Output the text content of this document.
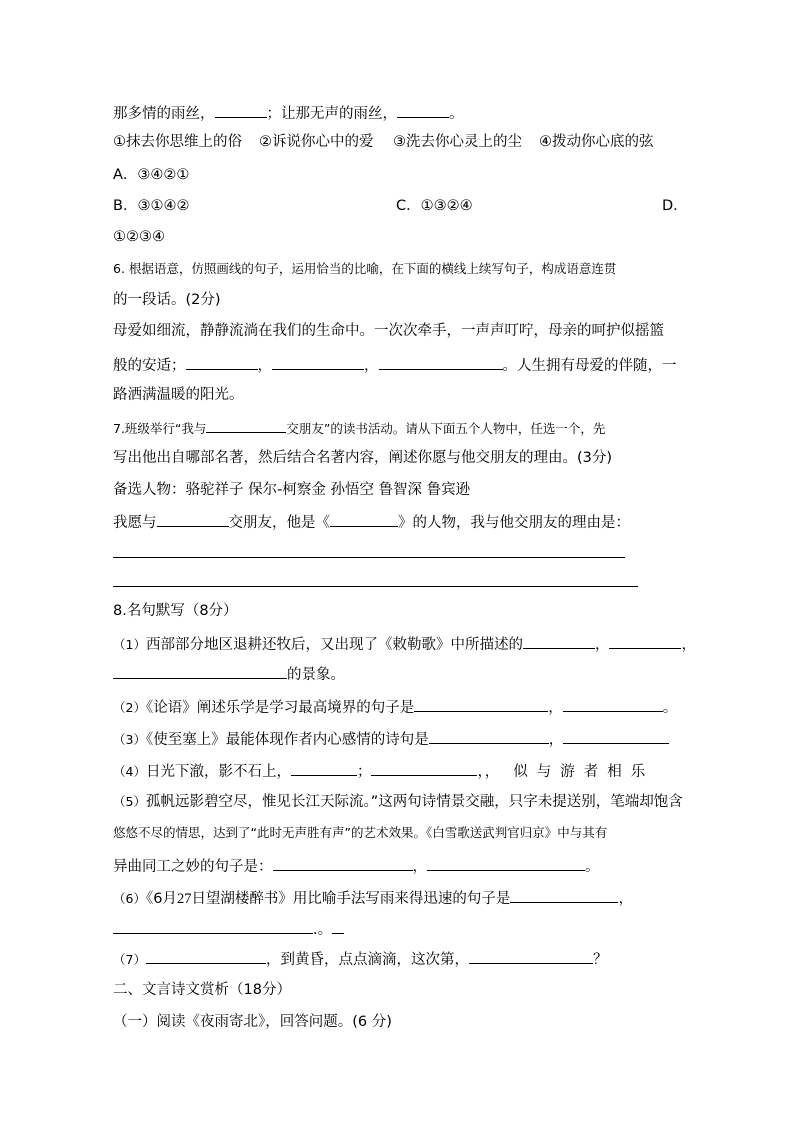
那多情的雨丝，	；让那无声的雨丝，	。
①抹去你思维上的俗 ②诉说你心中的爱 ③洗去你心灵上的尘 ④拨动你心底的弦
A．③④②①
B．③①④②	C．①③②④	D．
①②③④
6. 根据语意，仿照画线的句子，运用恰当的比喻，在下面的横线上续写句子，构成语意连贯
的一段话。(2分)
母爱如细流，静静流淌在我们的生命中。一次次牵手，一声声叮咛，母亲的呵护似摇篮
般的安适；	，	，	。人生拥有母爱的伴随，一
路洒满温暖的阳光。
7.班级举行“我与	交朋友”的读书活动。请从下面五个人物中，任选一个，先
写出他出自哪部名著，然后结合名著内容，阐述你愿与他交朋友的理由。(3分)
备选人物：骆驼祥子 保尔-柯察金 孙悟空 鲁智深 鲁宾逊
我愿与	交朋友，他是《	》的人物，我与他交朋友的理由是：
8.名句默写（8分）
（1）西部部分地区退耕还牧后，又出现了《敕勒歌》中所描述的	，	，
的景象。
（2）《论语》阐述乐学是学习最高境界的句子是	，	。
（3）《使至塞上》最能体现作者内心感情的诗句是	，
（4）日光下澈，影不石上，	；	，， 似与游者相乐
（5）孤帆远影碧空尽，惟见长江天际流。”这两句诗情景交融，只字未提送别，笔端却饱含
悠悠不尽的情思，达到了“此时无声胜有声”的艺术效果。《白雪歌送武判官归京》中与其有
异曲同工之妙的句子是：	，	。
（6）《6月27日望湖楼醉书》用比喻手法写雨来得迅速的句子是	，
.。
（7）	，到黄昏，点点滴滴，这次第，	？
二、文言诗文赏析（18分）
（一）阅读《夜雨寄北》，回答问题。(6 分)
